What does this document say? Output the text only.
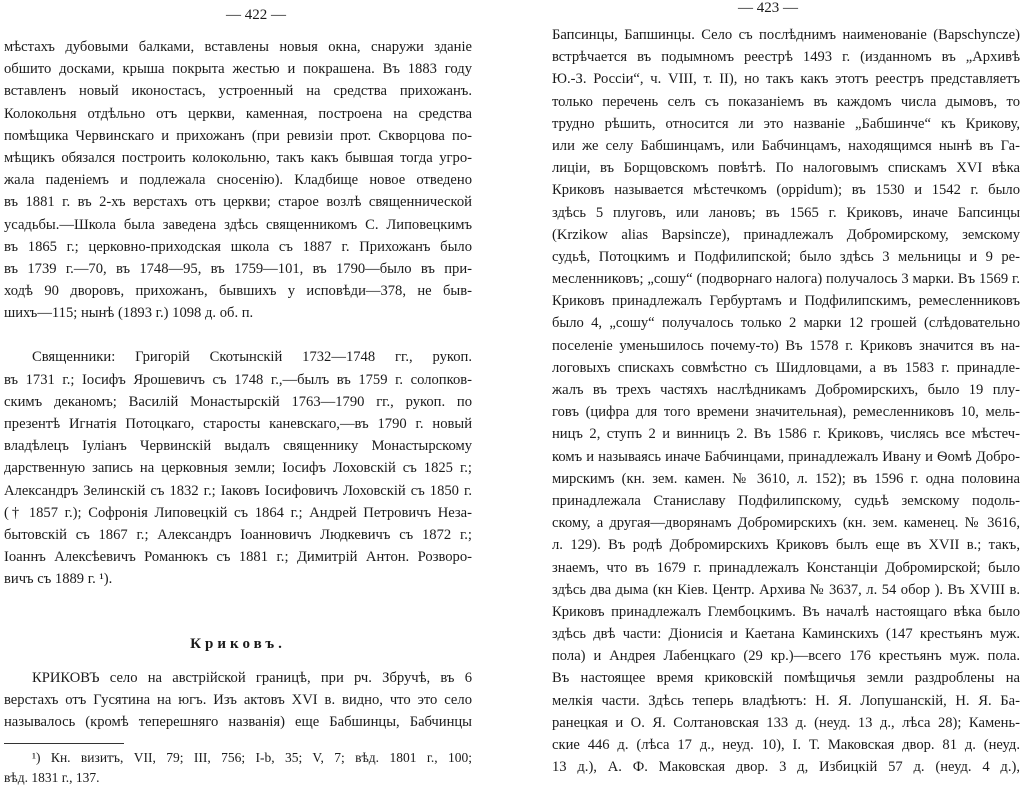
— 422 —
мѣстахъ дубовыми балками, вставлены новыя окна, снаружи зданіе
обшито досками, крыша покрыта жестью и покрашена. Въ 1883 году
вставленъ новый иконостасъ, устроенный на средства прихожанъ.
Колокольня отдѣльно отъ церкви, каменная, построена на средства
помѣщика Червинскаго и прихожанъ (при ревизіи прот. Скворцова по-
мѣщикъ обязался построить колокольню, такъ какъ бывшая тогда угро-
жала паденіемъ и подлежала сносенію). Кладбище новое отведено
въ 1881 г. въ 2-хъ верстахъ отъ церкви; старое возлѣ священнической
усадьбы.—Школа была заведена здѣсь священникомъ С. Липовецкимъ
въ 1865 г.; церковно-приходская школа съ 1887 г. Прихожанъ было
въ 1739 г.—70, въ 1748—95, въ 1759—101, въ 1790—было въ при-
ходѣ 90 дворовъ, прихожанъ, бывшихъ у исповѣди—378, не быв-
шихъ—115; нынѣ (1893 г.) 1098 д. об. п.
Священники: Григорій Скотынскій 1732—1748 гг., рукоп.
въ 1731 г.; Іосифъ Ярошевичъ съ 1748 г.,—былъ въ 1759 г. солопков-
скимъ деканомъ; Василій Монастырскій 1763—1790 гг., рукоп. по
презентѣ Игнатія Потоцкаго, старосты каневскаго,—въ 1790 г. новый
владѣлецъ Іуліанъ Червинскій выдалъ священнику Монастырскому
дарственную запись на церковныя земли; Іосифъ Лоховскій съ 1825 г.;
Александръ Зелинскій съ 1832 г.; Іаковъ Іосифовичъ Лоховскій съ 1850 г.
(† 1857 г.); Софронія Липовецкій съ 1864 г.; Андрей Петровичъ Неза-
бытовскій съ 1867 г.; Александръ Іоанновичъ Людкевичъ съ 1872 г.;
Іоаннъ Алексѣевичъ Романюкъ съ 1881 г.; Димитрій Антон. Розворо-
вичъ съ 1889 г. ¹).
Криковъ.
КРИКОВЪ село на австрійской границѣ, при рч. Збручѣ, въ 6
верстахъ отъ Гусятина на югъ. Изъ актовъ XVI в. видно, что это село
называлось (кромѣ теперешняго названія) еще Бабшинцы, Бабчинцы
¹) Кн. визитъ, VII, 79; III, 756; I-b, 35; V, 7; вѣд. 1801 г., 100;
вѣд. 1831 г., 137.
— 423 —
Бапсинцы, Бапшинцы. Село съ послѣднимъ наименованіе (Bapschyncze)
встрѣчается въ подымномъ реестрѣ 1493 г. (изданномъ въ „Архивѣ
Ю.-З. Россіи“, ч. VIII, т. II), но такъ какъ этотъ реестръ представляетъ
только перечень селъ съ показаніемъ въ каждомъ числа дымовъ, то
трудно рѣшить, относится ли это названіе „Бабшинче“ къ Крикову,
или же селу Бабшинцамъ, или Бабчинцамъ, находящимся нынѣ въ Га-
лиціи, въ Борщовскомъ повѣтѣ. По налоговымъ спискамъ XVI вѣка
Криковъ называется мѣстечкомъ (oppidum); въ 1530 и 1542 г. было
здѣсь 5 плуговъ, или лановъ; въ 1565 г. Криковъ, иначе Бапсинцы
(Krzikow alias Bapsincze), принадлежалъ Добромирскому, земскому
судьѣ, Потоцкимъ и Подфилипской; было здѣсь 3 мельницы и 9 ре-
месленниковъ; „сошу“ (подворнаго налога) получалось 3 марки. Въ 1569 г.
Криковъ принадлежалъ Гербуртамъ и Подфилипскимъ, ремесленниковъ
было 4, „сошу“ получалось только 2 марки 12 грошей (слѣдовательно
поселеніе уменьшилось почему-то) Въ 1578 г. Криковъ значится въ на-
логовыхъ спискахъ совмѣстно съ Шидловцами, а въ 1583 г. принадле-
жалъ въ трехъ частяхъ наслѣдникамъ Добромирскихъ, было 19 плу-
говъ (цифра для того времени значительная), ремесленниковъ 10, мель-
ницъ 2, ступъ 2 и винницъ 2. Въ 1586 г. Криковъ, числясь все мѣстеч-
комъ и называясь иначе Бабчинцами, принадлежалъ Ивану и Ѳомѣ Добро-
мирскимъ (кн. зем. камен. № 3610, л. 152); въ 1596 г. одна половина
принадлежала Станиславу Подфилипскому, судьѣ земскому подоль-
скому, а другая—дворянамъ Добромирскихъ (кн. зем. каменец. № 3616,
л. 129). Въ родѣ Добромирскихъ Криковъ былъ еще въ XVII в.; такъ,
знаемъ, что въ 1679 г. принадлежалъ Констанціи Добромирской; было
здѣсь два дыма (кн Кіев. Центр. Архива № 3637, л. 54 обор ). Въ XVIII в.
Криковъ принадлежалъ Глембоцкимъ. Въ началѣ настоящаго вѣка было
здѣсь двѣ части: Діонисія и Каетана Каминскихъ (147 крестьянъ муж.
пола) и Андрея Лабенцкаго (29 кр.)—всего 176 крестьянъ муж. пола.
Въ настоящее время криковскій помѣщичья земли раздроблены на
мелкія части. Здѣсь теперь владѣютъ: Н. Я. Лопушанскій, Н. Я. Ба-
ранецкая и О. Я. Солтановская 133 д. (неуд. 13 д., лѣса 28); Камень-
ские 446 д. (лѣса 17 д., неуд. 10), І. Т. Маковская двор. 81 д. (неуд.
13 д.), А. Ф. Маковская двор. 3 д, Избицкій 57 д. (неуд. 4 д.),
